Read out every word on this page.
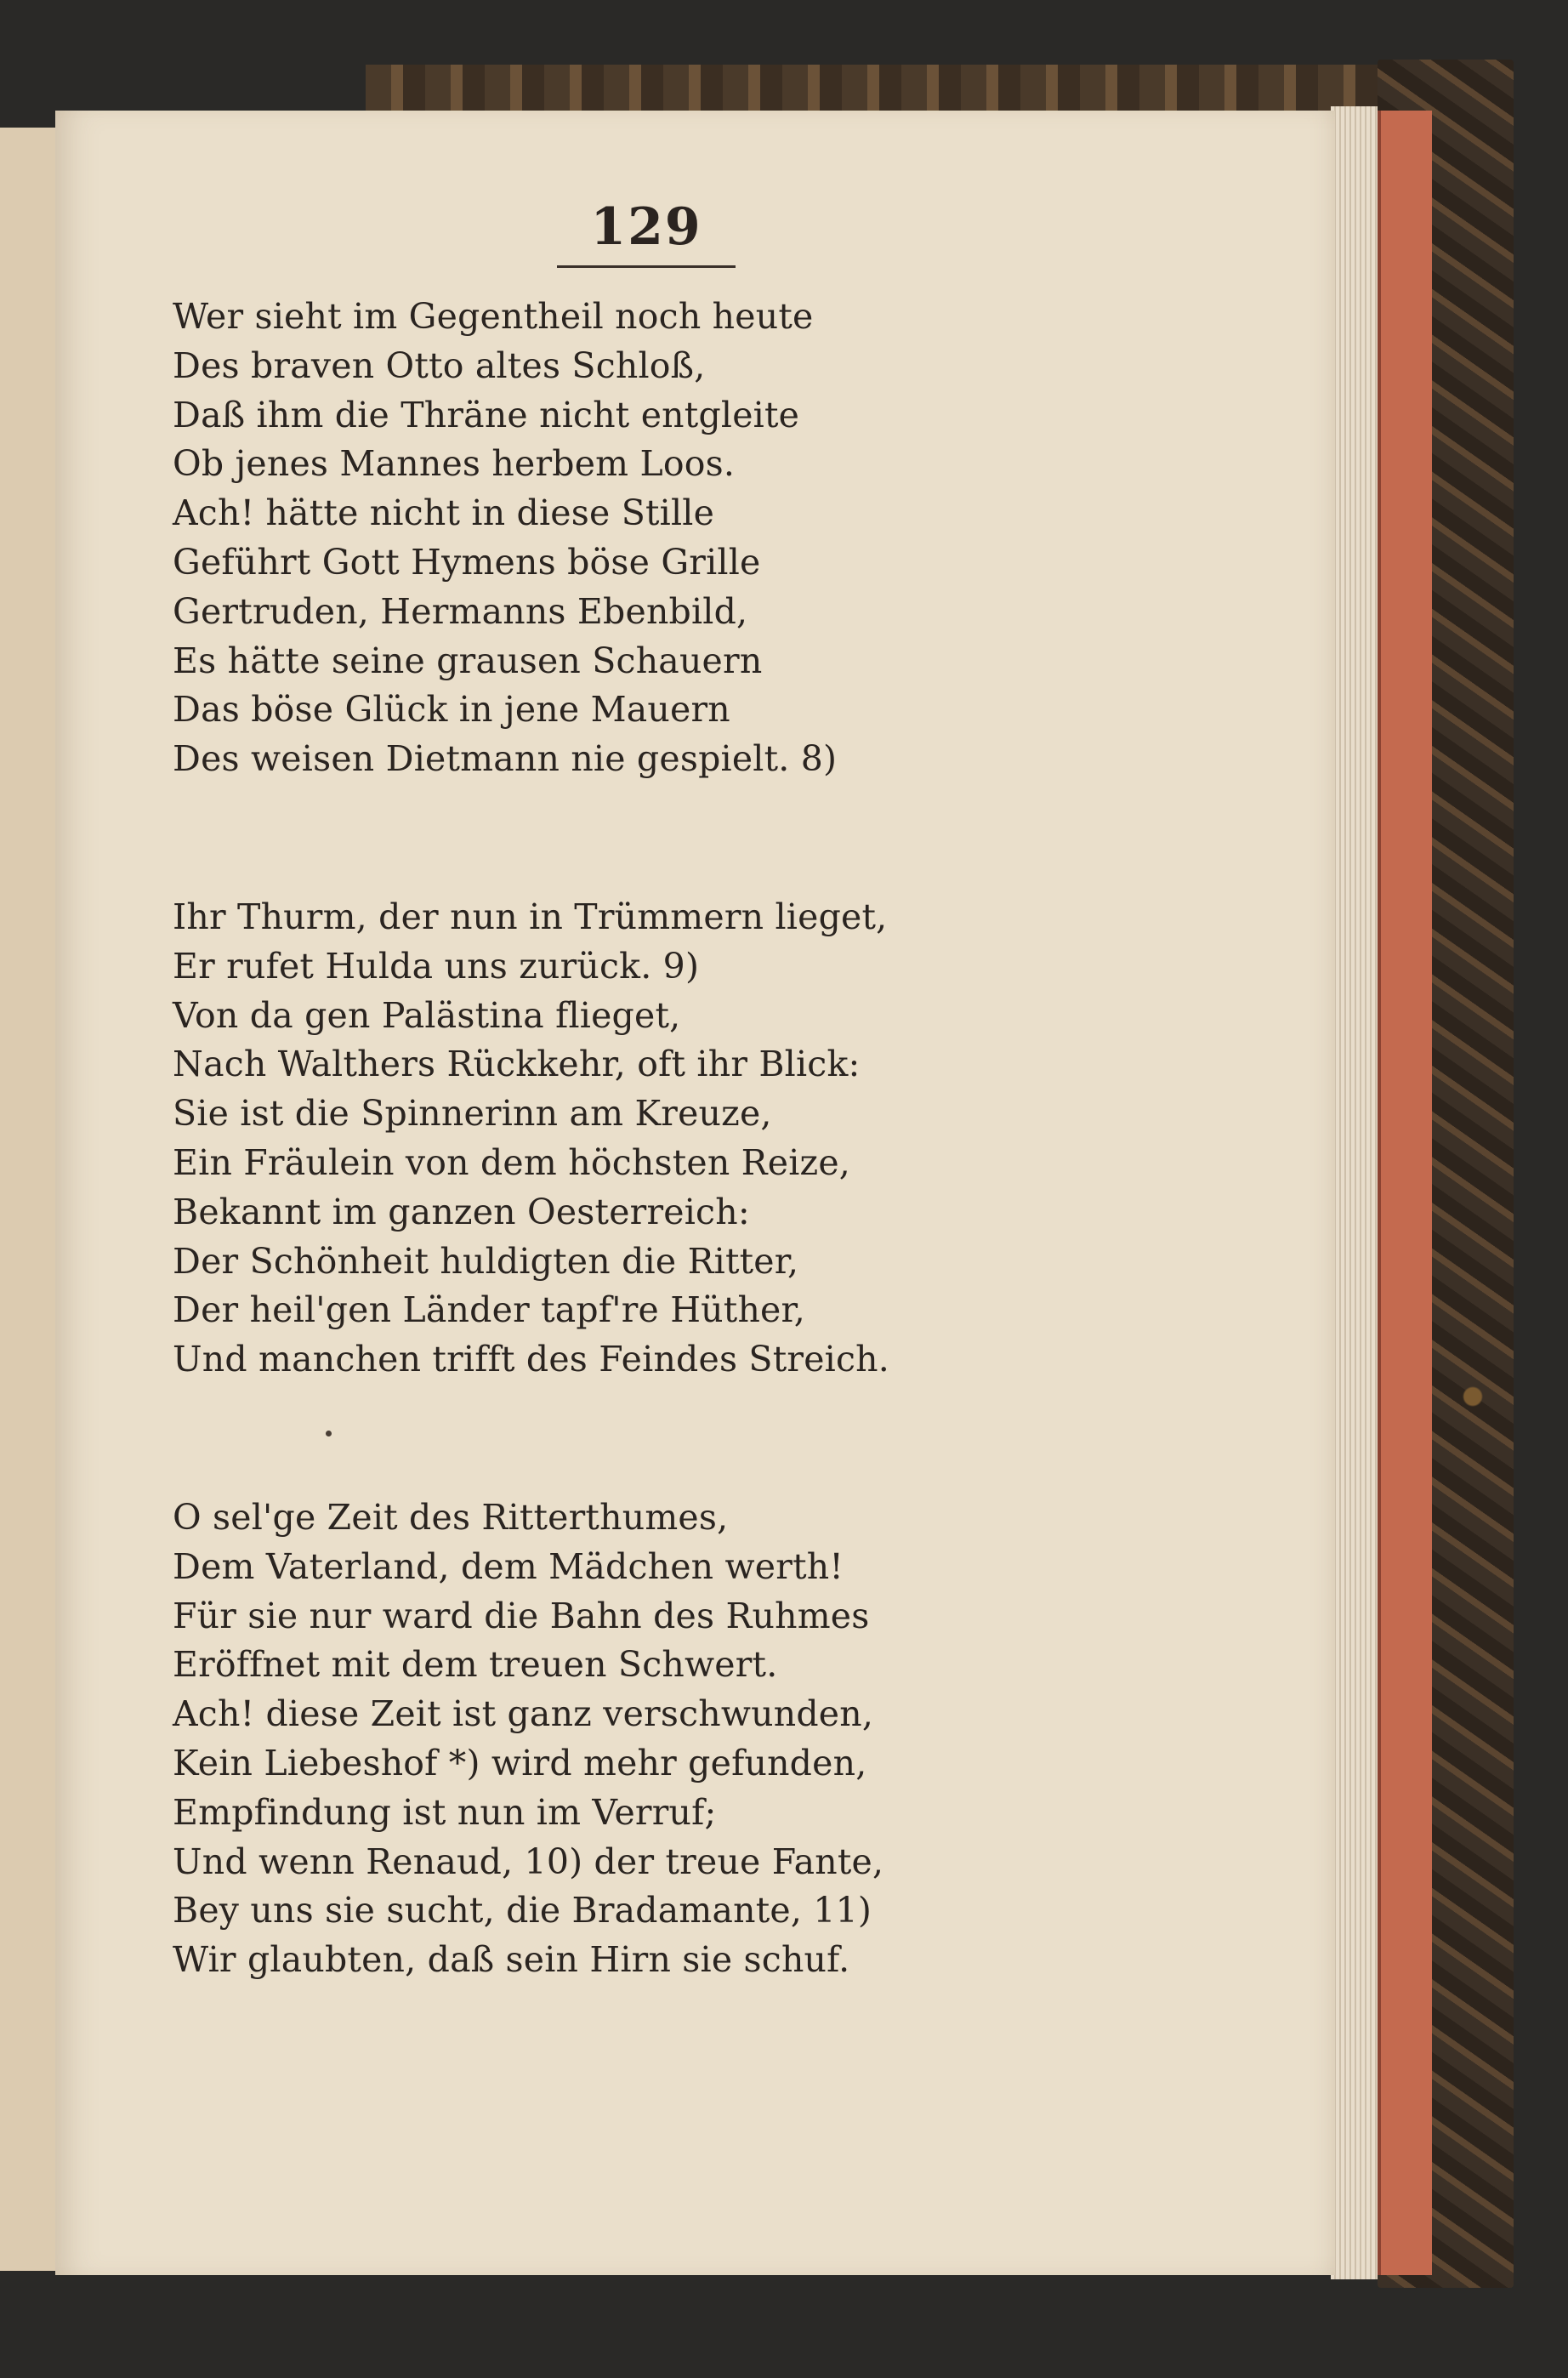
129
Wer sieht im Gegentheil noch heute
Des braven Otto altes Schloß,
Daß ihm die Thräne nicht entgleite
Ob jenes Mannes herbem Loos.
Ach! hätte nicht in diese Stille
Geführt Gott Hymens böse Grille
Gertruden, Hermanns Ebenbild,
Es hätte seine grausen Schauern
Das böse Glück in jene Mauern
Des weisen Dietmann nie gespielt. 8)
Ihr Thurm, der nun in Trümmern lieget,
Er rufet Hulda uns zurück. 9)
Von da gen Palästina flieget,
Nach Walthers Rückkehr, oft ihr Blick:
Sie ist die Spinnerinn am Kreuze,
Ein Fräulein von dem höchsten Reize,
Bekannt im ganzen Oesterreich:
Der Schönheit huldigten die Ritter,
Der heil'gen Länder tapf're Hüther,
Und manchen trifft des Feindes Streich.
O sel'ge Zeit des Ritterthumes,
Dem Vaterland, dem Mädchen werth!
Für sie nur ward die Bahn des Ruhmes
Eröffnet mit dem treuen Schwert.
Ach! diese Zeit ist ganz verschwunden,
Kein Liebeshof *) wird mehr gefunden,
Empfindung ist nun im Verruf;
Und wenn Renaud, 10) der treue Fante,
Bey uns sie sucht, die Bradamante, 11)
Wir glaubten, daß sein Hirn sie schuf.
